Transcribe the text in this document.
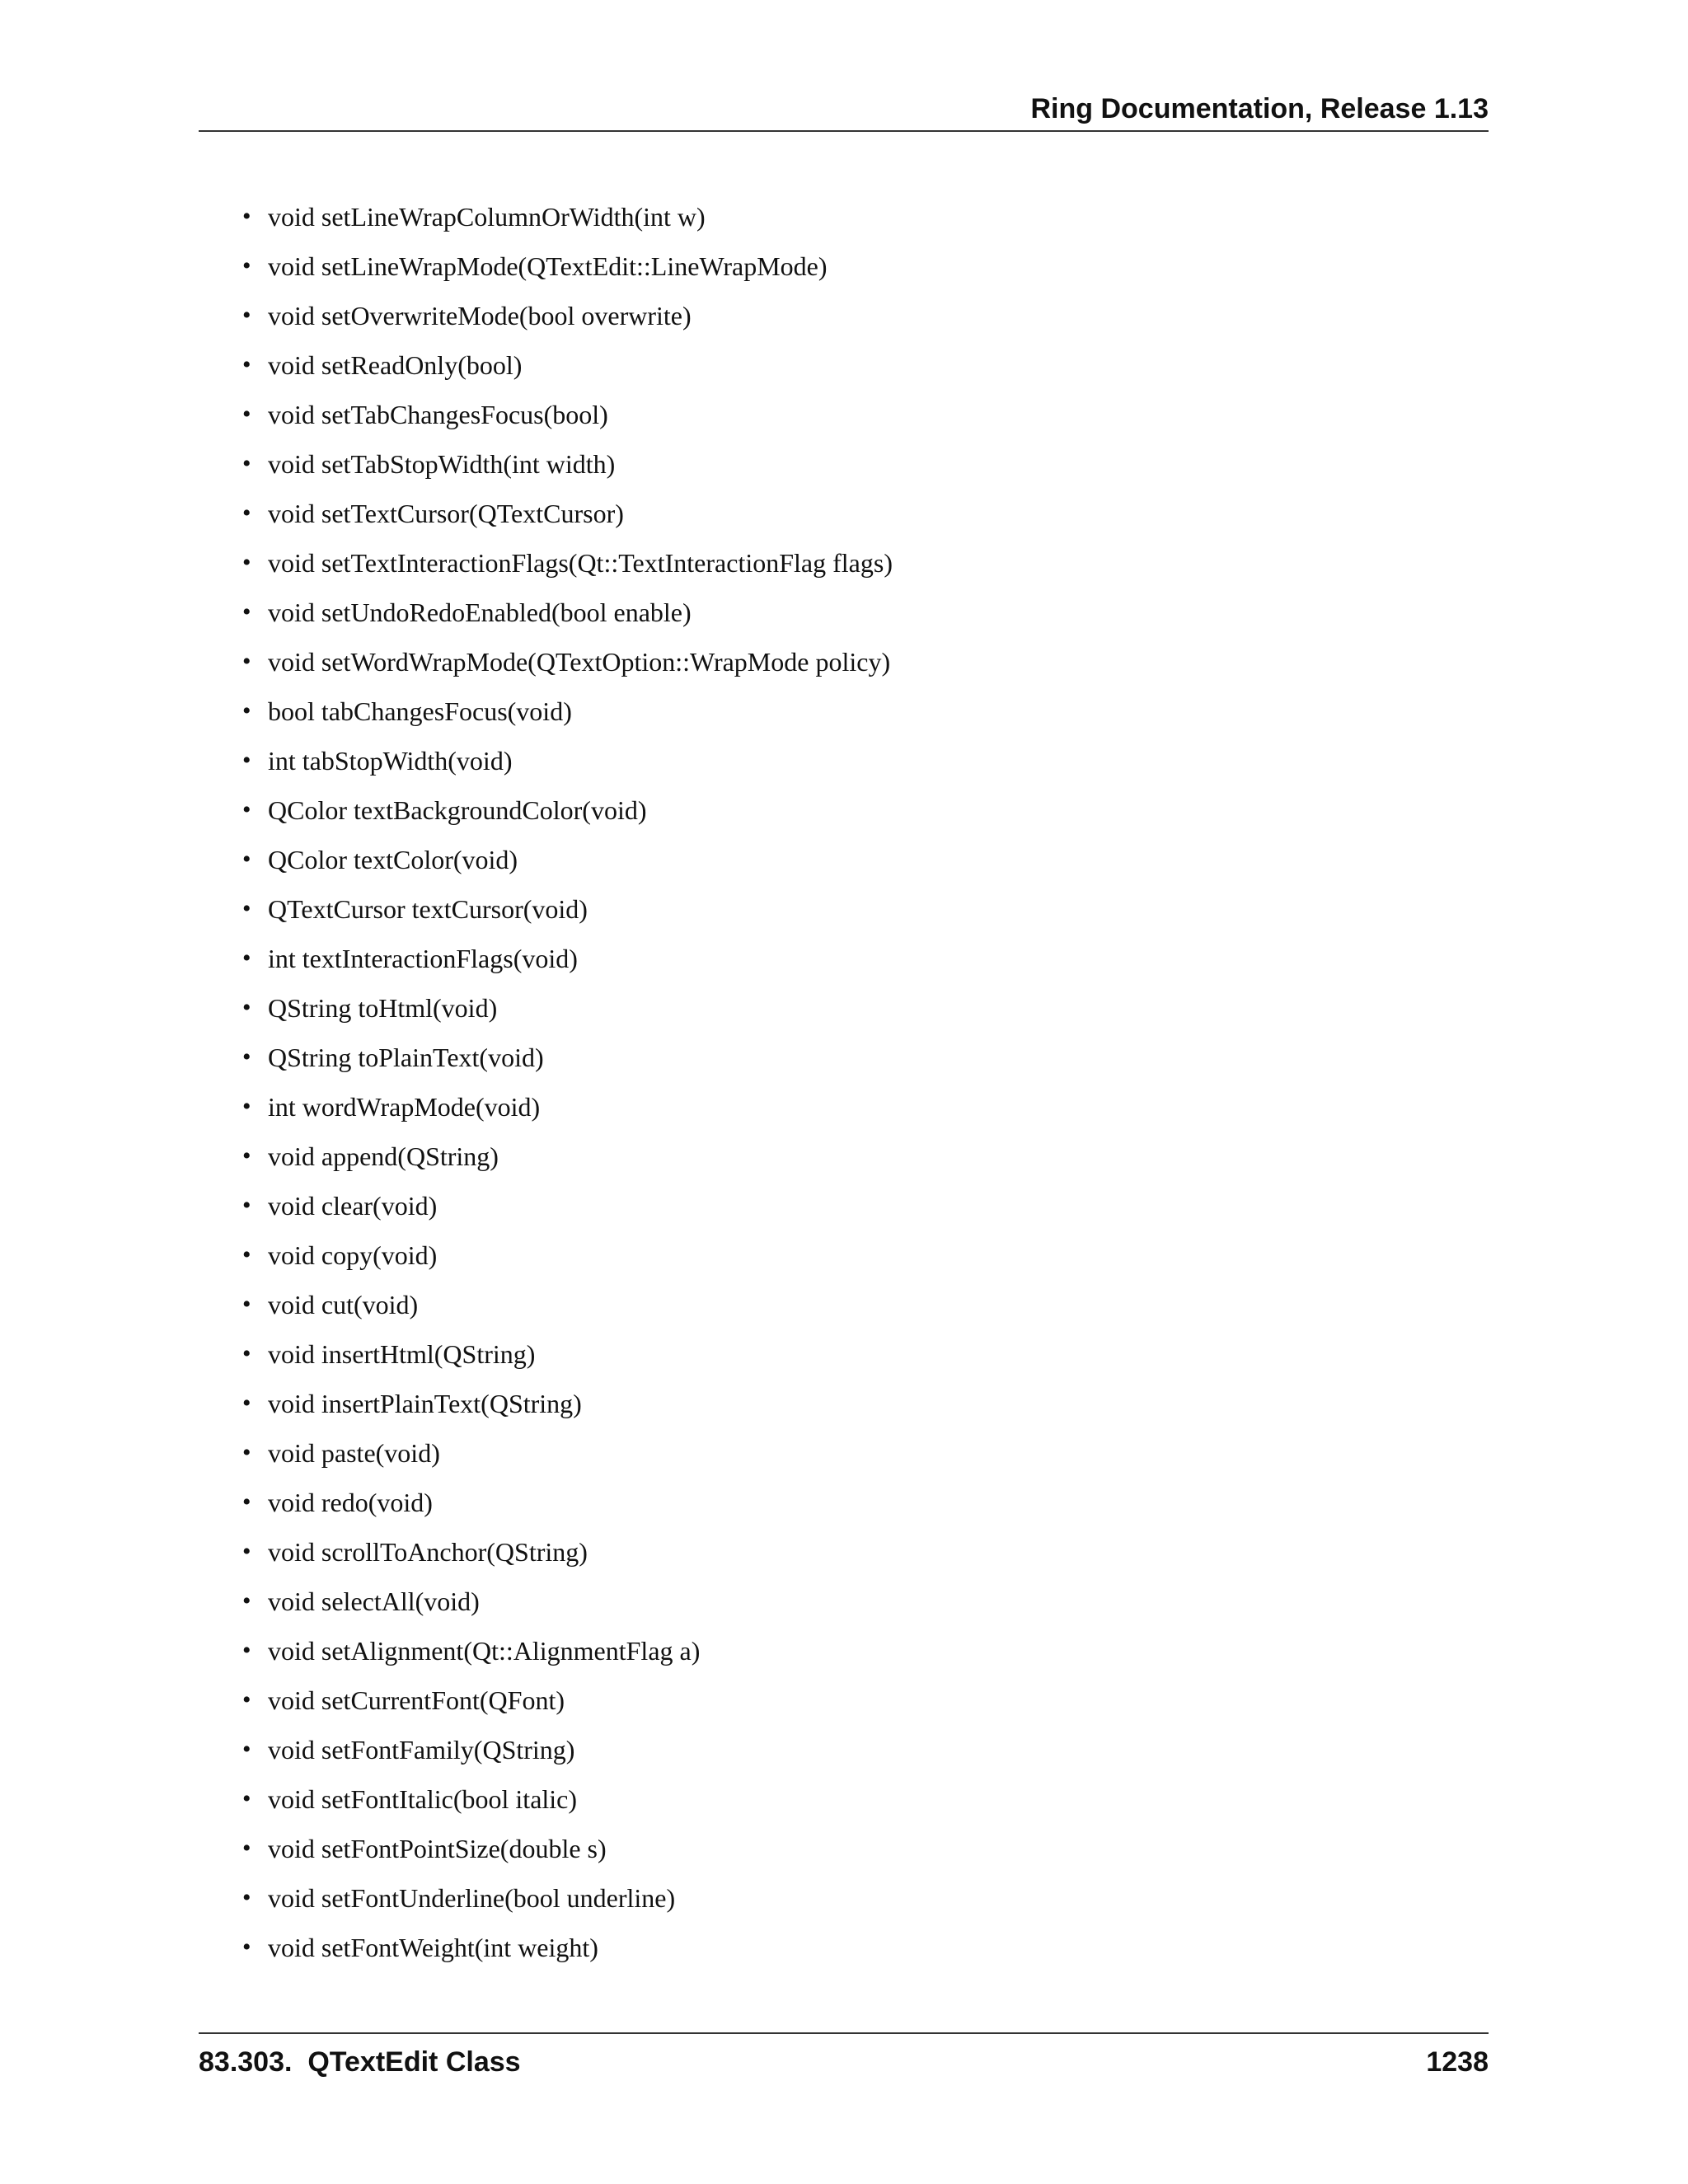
Ring Documentation, Release 1.13
• void setLineWrapColumnOrWidth(int w)
• void setLineWrapMode(QTextEdit::LineWrapMode)
• void setOverwriteMode(bool overwrite)
• void setReadOnly(bool)
• void setTabChangesFocus(bool)
• void setTabStopWidth(int width)
• void setTextCursor(QTextCursor)
• void setTextInteractionFlags(Qt::TextInteractionFlag flags)
• void setUndoRedoEnabled(bool enable)
• void setWordWrapMode(QTextOption::WrapMode policy)
• bool tabChangesFocus(void)
• int tabStopWidth(void)
• QColor textBackgroundColor(void)
• QColor textColor(void)
• QTextCursor textCursor(void)
• int textInteractionFlags(void)
• QString toHtml(void)
• QString toPlainText(void)
• int wordWrapMode(void)
• void append(QString)
• void clear(void)
• void copy(void)
• void cut(void)
• void insertHtml(QString)
• void insertPlainText(QString)
• void paste(void)
• void redo(void)
• void scrollToAnchor(QString)
• void selectAll(void)
• void setAlignment(Qt::AlignmentFlag a)
• void setCurrentFont(QFont)
• void setFontFamily(QString)
• void setFontItalic(bool italic)
• void setFontPointSize(double s)
• void setFontUnderline(bool underline)
• void setFontWeight(int weight)
83.303.  QTextEdit Class	1238
